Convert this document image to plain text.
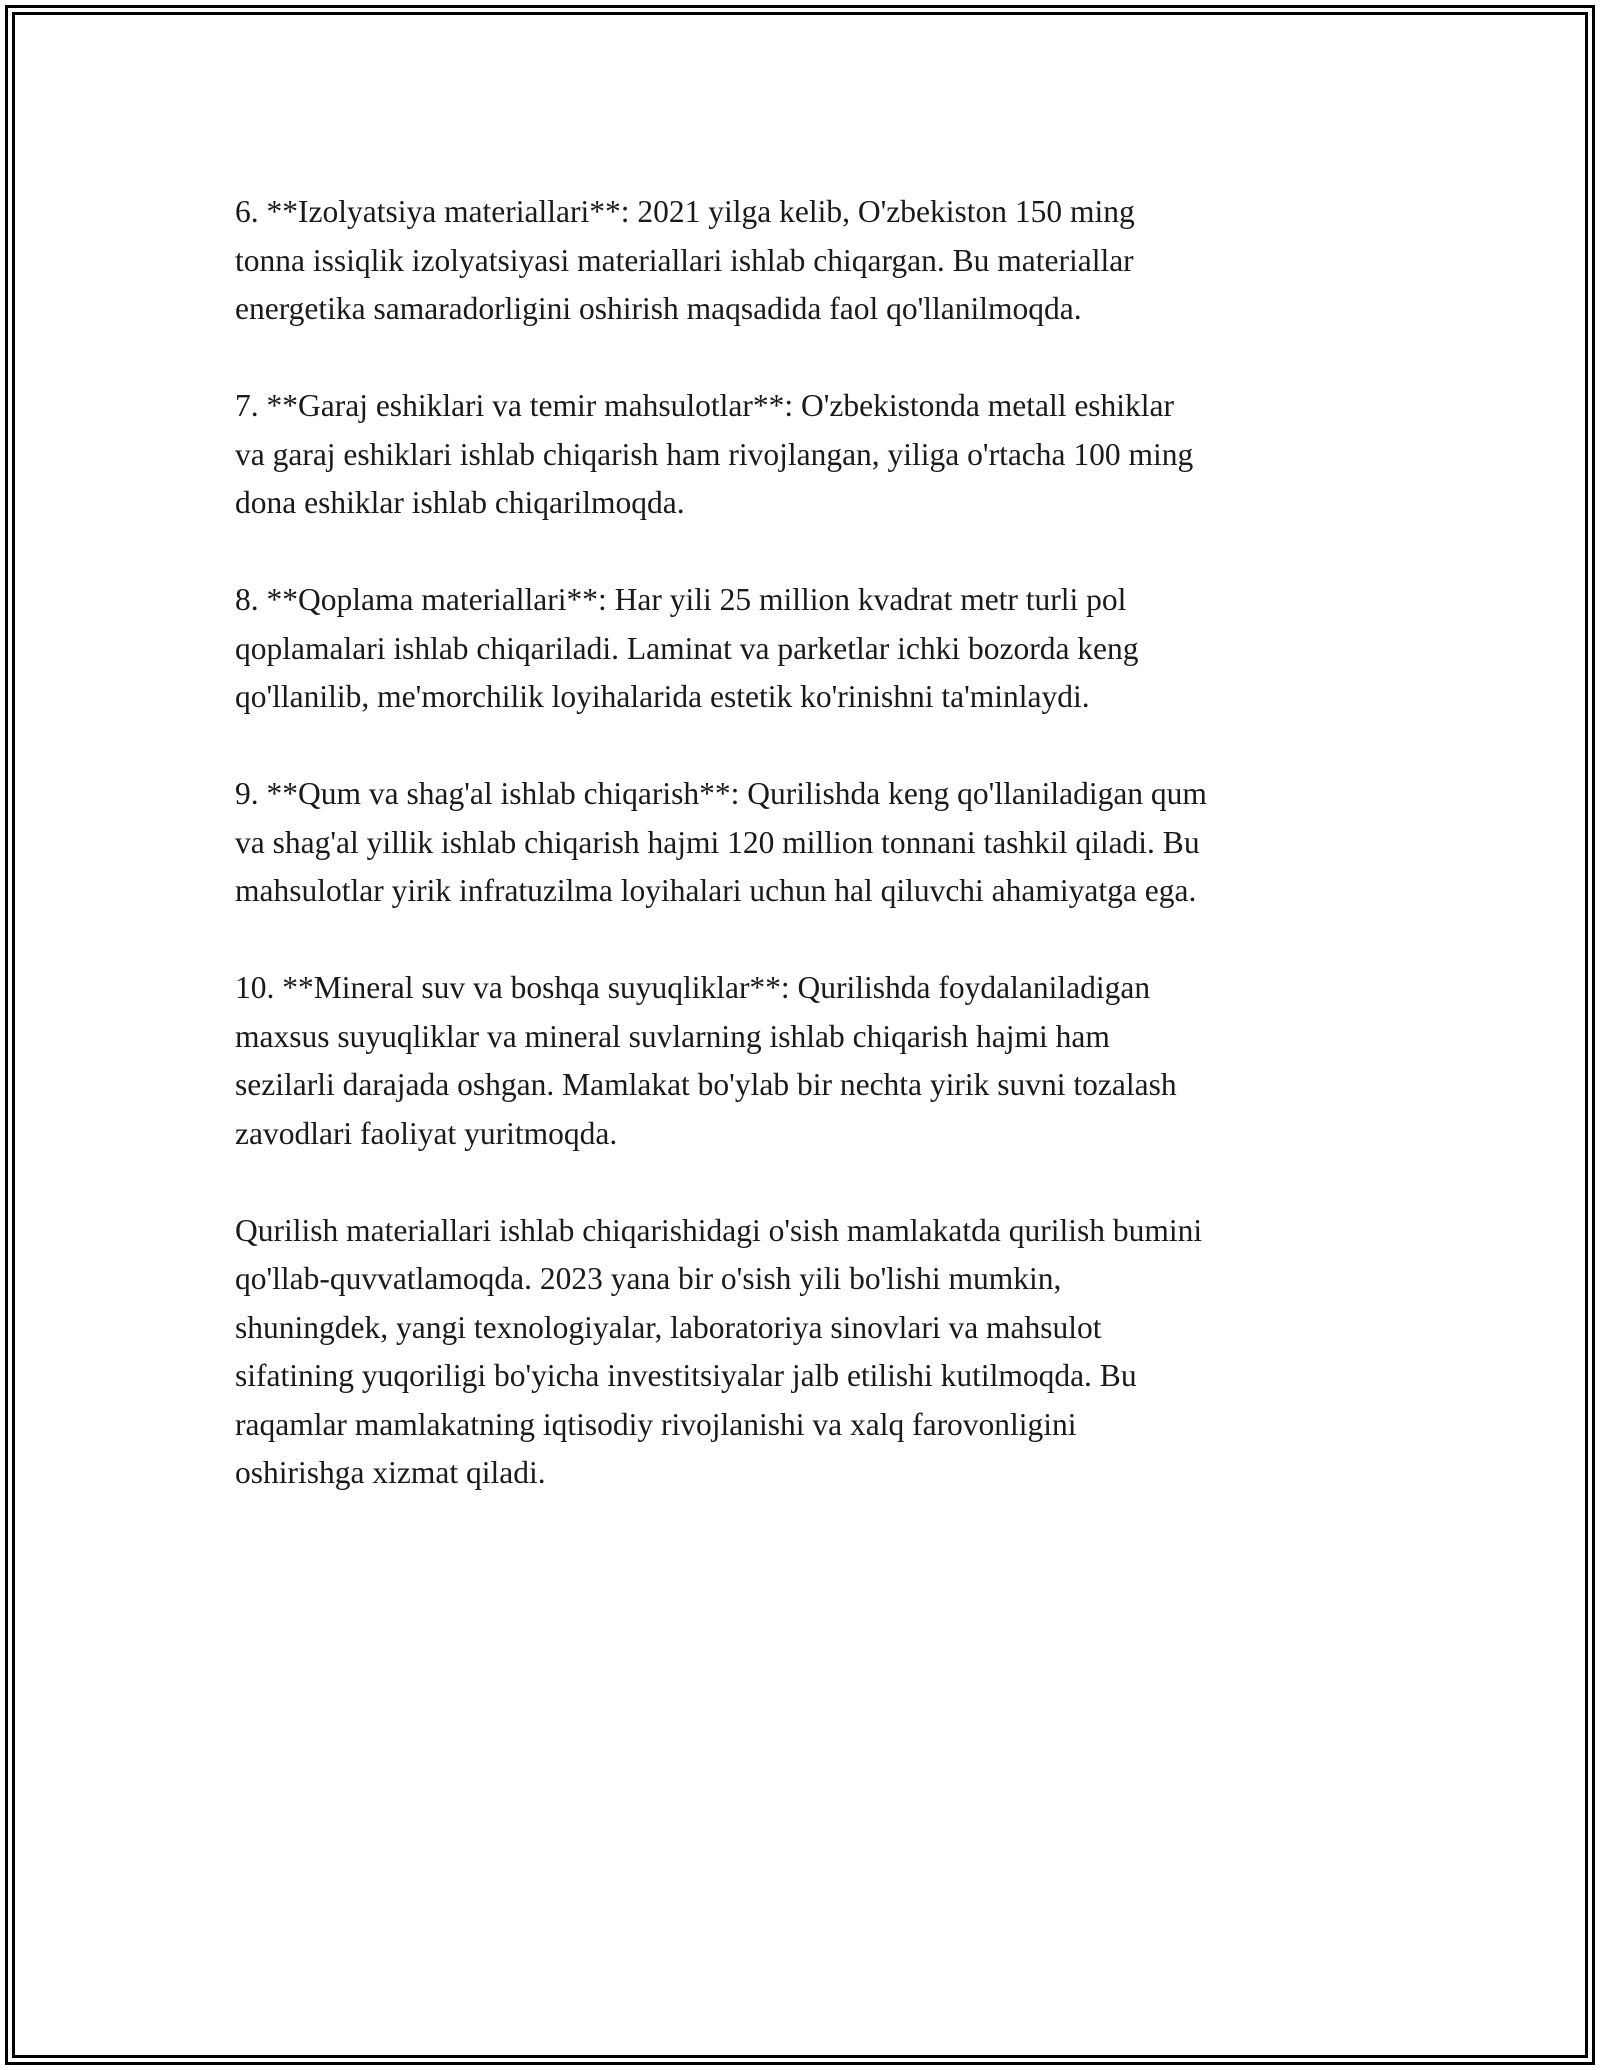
6. **Izolyatsiya materiallari**: 2021 yilga kelib, O'zbekiston 150 ming
tonna issiqlik izolyatsiyasi materiallari ishlab chiqargan. Bu materiallar
energetika samaradorligini oshirish maqsadida faol qo'llanilmoqda.

7. **Garaj eshiklari va temir mahsulotlar**: O'zbekistonda metall eshiklar
va garaj eshiklari ishlab chiqarish ham rivojlangan, yiliga o'rtacha 100 ming
dona eshiklar ishlab chiqarilmoqda.

8. **Qoplama materiallari**: Har yili 25 million kvadrat metr turli pol
qoplamalari ishlab chiqariladi. Laminat va parketlar ichki bozorda keng
qo'llanilib, me'morchilik loyihalarida estetik ko'rinishni ta'minlaydi.

9. **Qum va shag'al ishlab chiqarish**: Qurilishda keng qo'llaniladigan qum
va shag'al yillik ishlab chiqarish hajmi 120 million tonnani tashkil qiladi. Bu
mahsulotlar yirik infratuzilma loyihalari uchun hal qiluvchi ahamiyatga ega.

10. **Mineral suv va boshqa suyuqliklar**: Qurilishda foydalaniladigan
maxsus suyuqliklar va mineral suvlarning ishlab chiqarish hajmi ham
sezilarli darajada oshgan. Mamlakat bo'ylab bir nechta yirik suvni tozalash
zavodlari faoliyat yuritmoqda.

Qurilish materiallari ishlab chiqarishidagi o'sish mamlakatda qurilish bumini
qo'llab-quvvatlamoqda. 2023 yana bir o'sish yili bo'lishi mumkin,
shuningdek, yangi texnologiyalar, laboratoriya sinovlari va mahsulot
sifatining yuqoriligi bo'yicha investitsiyalar jalb etilishi kutilmoqda. Bu
raqamlar mamlakatning iqtisodiy rivojlanishi va xalq farovonligini
oshirishga xizmat qiladi.
